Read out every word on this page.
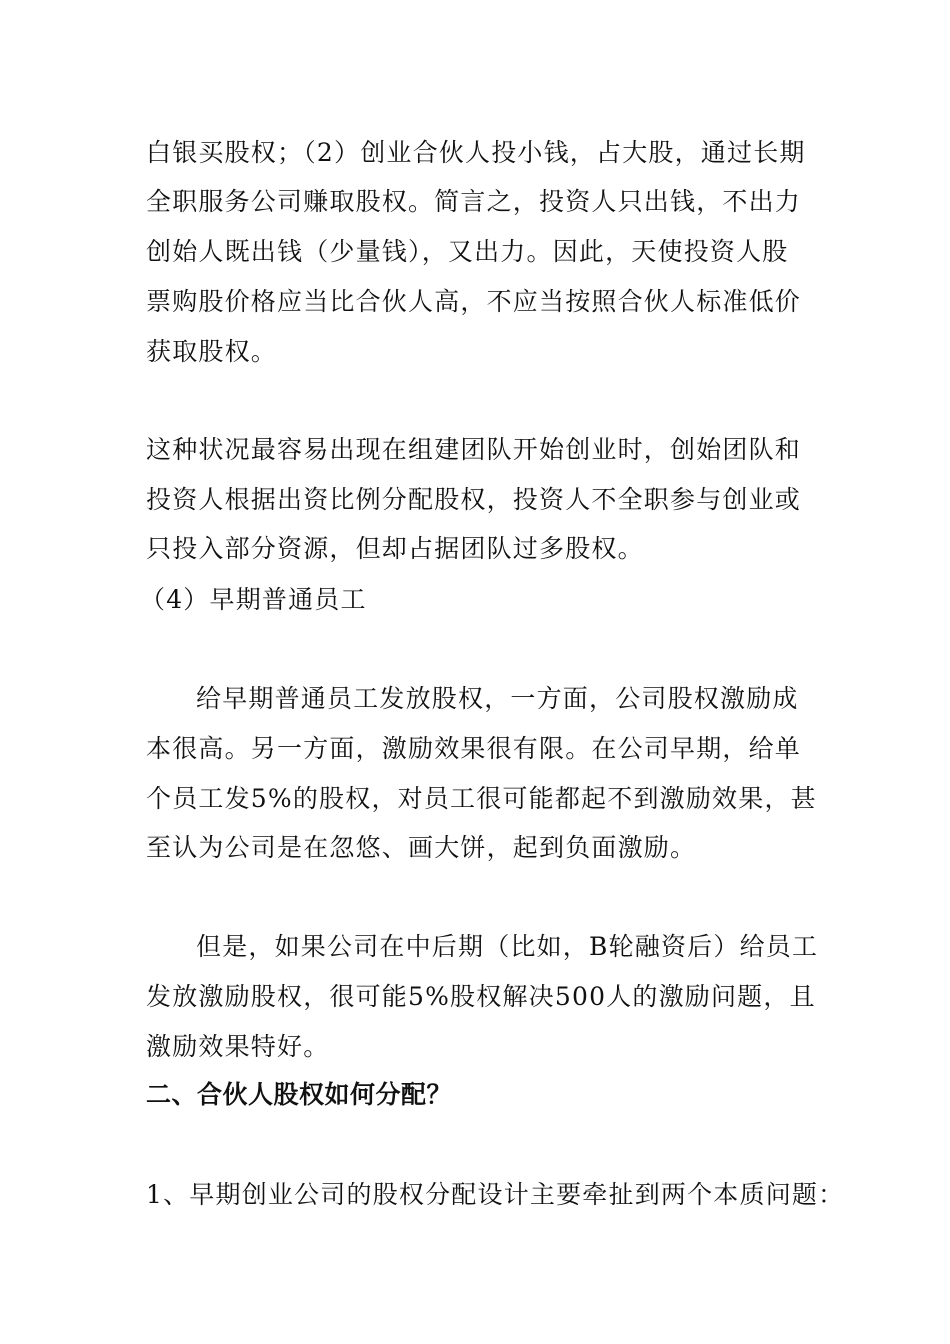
白银买股权；（2）创业合伙人投小钱，占大股，通过长期
全职服务公司赚取股权。简言之，投资人只出钱，不出力
创始人既出钱（少量钱），又出力。因此，天使投资人股
票购股价格应当比合伙人高，不应当按照合伙人标准低价
获取股权。
这种状况最容易出现在组建团队开始创业时，创始团队和
投资人根据出资比例分配股权，投资人不全职参与创业或
只投入部分资源，但却占据团队过多股权。
（4）早期普通员工
给早期普通员工发放股权，一方面，公司股权激励成
本很高。另一方面，激励效果很有限。在公司早期，给单
个员工发5%的股权，对员工很可能都起不到激励效果，甚
至认为公司是在忽悠、画大饼，起到负面激励。
但是，如果公司在中后期（比如，B轮融资后）给员工
发放激励股权，很可能5%股权解决500人的激励问题，且
激励效果特好。
二、合伙人股权如何分配？
1、早期创业公司的股权分配设计主要牵扯到两个本质问题：
